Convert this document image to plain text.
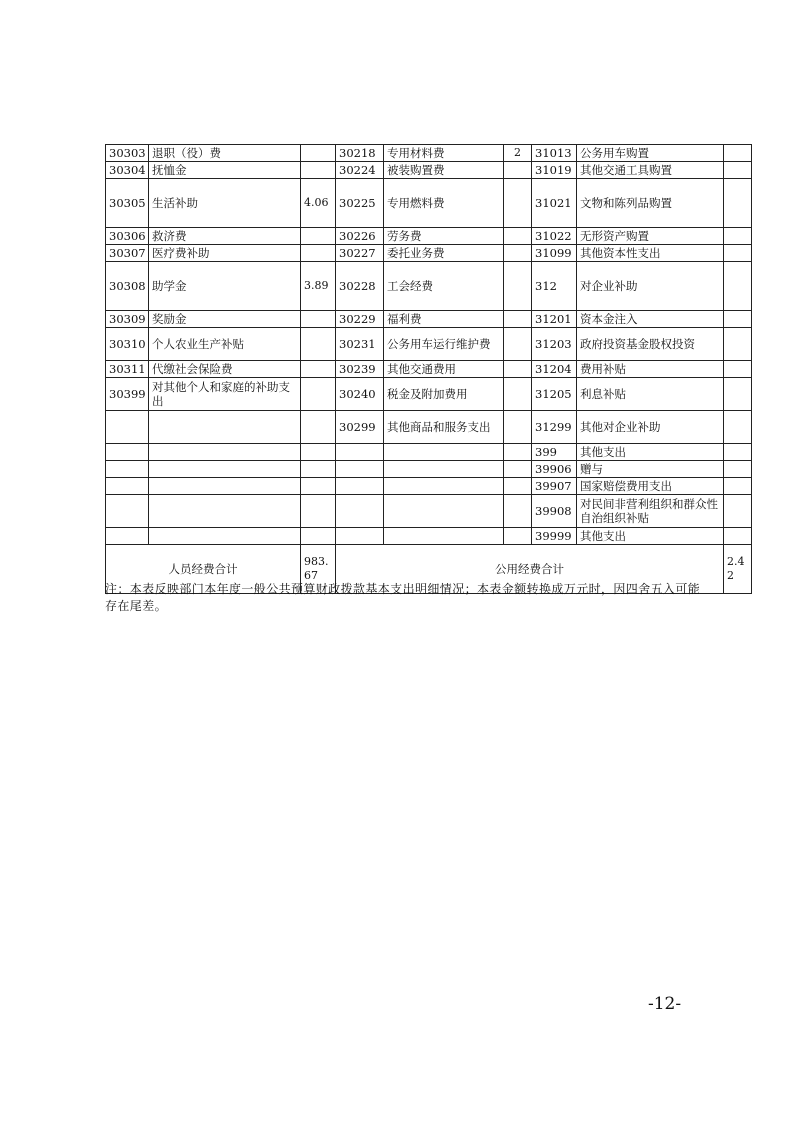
30303	退职（役）费		30218	专用材料费	2	31013	公务用车购置	
30304	抚恤金		30224	被装购置费		31019	其他交通工具购置	
30305	生活补助	4.06	30225	专用燃料费		31021	文物和陈列品购置	
30306	救济费		30226	劳务费		31022	无形资产购置	
30307	医疗费补助		30227	委托业务费		31099	其他资本性支出	
30308	助学金	3.89	30228	工会经费		312	对企业补助	
30309	奖励金		30229	福利费		31201	资本金注入	
30310	个人农业生产补贴		30231	公务用车运行维护费		31203	政府投资基金股权投资	
30311	代缴社会保险费		30239	其他交通费用		31204	费用补贴	
30399	对其他个人和家庭的补助支出		30240	税金及附加费用		31205	利息补贴	
			30299	其他商品和服务支出		31299	其他对企业补助	
						399	其他支出	
						39906	赠与	
						39907	国家赔偿费用支出	
						39908	对民间非营利组织和群众性自治组织补贴	
						39999	其他支出	
人员经费合计		983.67	公用经费合计					2.42
注：本表反映部门本年度一般公共预算财政拨款基本支出明细情况；本表金额转换成万元时，因四舍五入可能存在尾差。
-12-
